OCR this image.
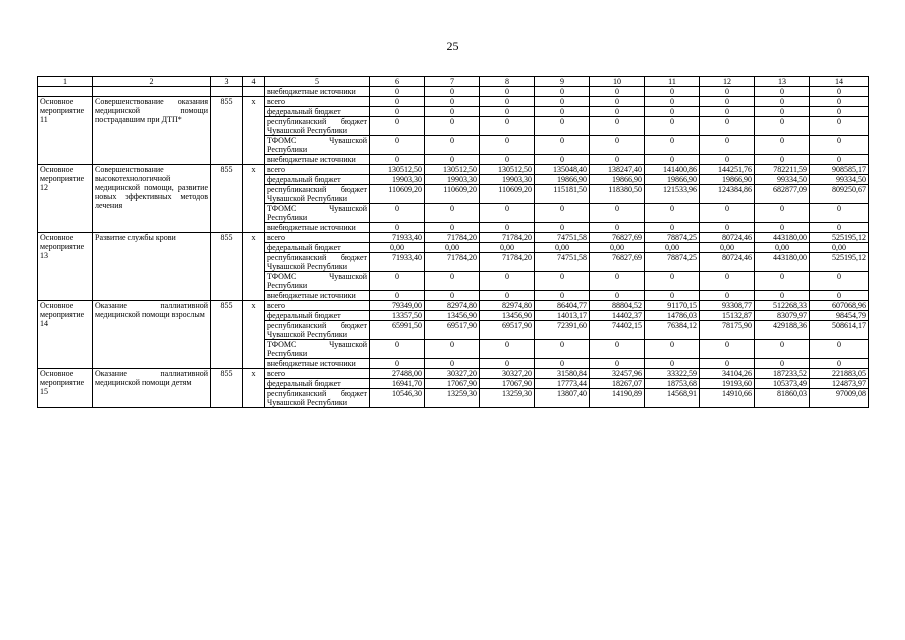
25
1	2	3	4	5	6	7	8	9	10	11	12	13	14
				внебюджетные источники	0	0	0	0	0	0	0	0	0
Основное мероприятие 11	Совершенствование оказания медицинской помощи пострадавшим при ДТП*	855	х	всего	0	0	0	0	0	0	0	0	0
				федеральный бюджет	0	0	0	0	0	0	0	0	0
				республиканский бюджет Чувашской Республики	0	0	0	0	0	0	0	0	0
				ТФОМС Чувашской Республики	0	0	0	0	0	0	0	0	0
				внебюджетные источники	0	0	0	0	0	0	0	0	0
Основное мероприятие 12	Совершенствование высокотехнологичной медицинской помощи, развитие новых эффективных методов лечения	855	х	всего	130512,50	130512,50	130512,50	135048,40	138247,40	141400,86	144251,76	782211,59	908585,17
				федеральный бюджет	19903,30	19903,30	19903,30	19866,90	19866,90	19866,90	19866,90	99334,50	99334,50
				республиканский бюджет Чувашской Республики	110609,20	110609,20	110609,20	115181,50	118380,50	121533,96	124384,86	682877,09	809250,67
				ТФОМС Чувашской Республики	0	0	0	0	0	0	0	0	0
				внебюджетные источники	0	0	0	0	0	0	0	0	0
Основное мероприятие 13	Развитие службы крови	855	х	всего	71933,40	71784,20	71784,20	74751,58	76827,69	78874,25	80724,46	443180,00	525195,12
				федеральный бюджет	0,00	0,00	0,00	0,00	0,00	0,00	0,00	0,00	0,00
				республиканский бюджет Чувашской Республики	71933,40	71784,20	71784,20	74751,58	76827,69	78874,25	80724,46	443180,00	525195,12
				ТФОМС Чувашской Республики	0	0	0	0	0	0	0	0	0
				внебюджетные источники	0	0	0	0	0	0	0	0	0
Основное мероприятие 14	Оказание паллиативной медицинской помощи взрослым	855	х	всего	79349,00	82974,80	82974,80	86404,77	88804,52	91170,15	93308,77	512268,33	607068,96
				федеральный бюджет	13357,50	13456,90	13456,90	14013,17	14402,37	14786,03	15132,87	83079,97	98454,79
				республиканский бюджет Чувашской Республики	65991,50	69517,90	69517,90	72391,60	74402,15	76384,12	78175,90	429188,36	508614,17
				ТФОМС Чувашской Республики	0	0	0	0	0	0	0	0	0
				внебюджетные источники	0	0	0	0	0	0	0	0	0
Основное мероприятие 15	Оказание паллиативной медицинской помощи детям	855	х	всего	27488,00	30327,20	30327,20	31580,84	32457,96	33322,59	34104,26	187233,52	221883,05
				федеральный бюджет	16941,70	17067,90	17067,90	17773,44	18267,07	18753,68	19193,60	105373,49	124873,97
				республиканский бюджет Чувашской Республики	10546,30	13259,30	13259,30	13807,40	14190,89	14568,91	14910,66	81860,03	97009,08
